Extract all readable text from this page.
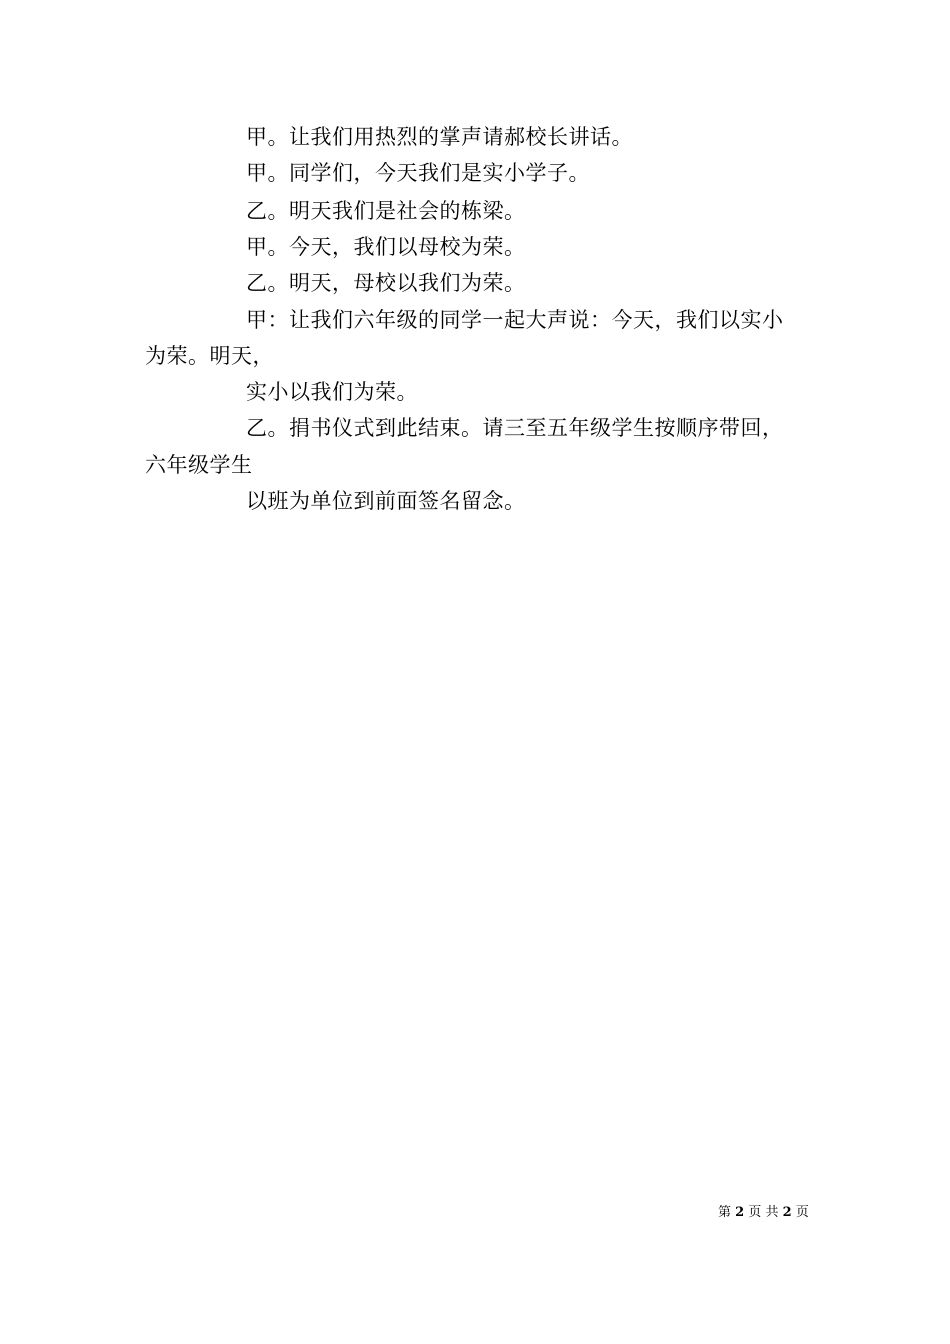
甲。让我们用热烈的掌声请郝校长讲话。
甲。同学们，今天我们是实小学子。
乙。明天我们是社会的栋梁。
甲。今天，我们以母校为荣。
乙。明天，母校以我们为荣。
甲：让我们六年级的同学一起大声说：今天，我们以实小
为荣。明天，
实小以我们为荣。
乙。捐书仪式到此结束。请三至五年级学生按顺序带回，
六年级学生
以班为单位到前面签名留念。
第 2 页 共 2 页
